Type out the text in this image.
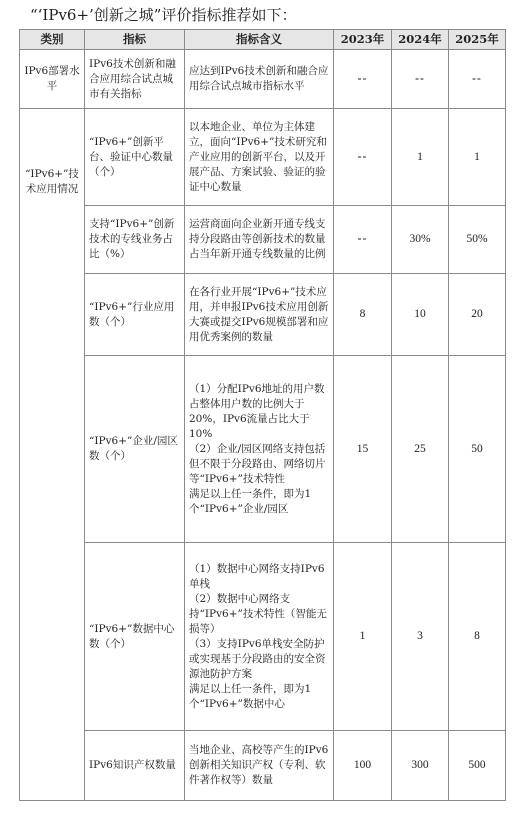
“‘IPv6+’创新之城”评价指标推荐如下：
类别	指标	指标含义	2023年	2024年	2025年
IPv6部署水平	IPv6技术创新和融合应用综合试点城市有关指标	应达到IPv6技术创新和融合应用综合试点城市指标水平	--	--	--
“IPv6+”技术应用情况	“IPv6+”创新平台、验证中心数量（个）	以本地企业、单位为主体建立，面向“IPv6+”技术研究和产业应用的创新平台，以及开展产品、方案试验、验证的验证中心数量	--	1	1
	支持“IPv6+”创新技术的专线业务占比（%）	运营商面向企业新开通专线支持分段路由等创新技术的数量占当年新开通专线数量的比例	--	30%	50%
	“IPv6+”行业应用数（个）	在各行业开展“IPv6+”技术应用，并申报IPv6技术应用创新大赛或提交IPv6规模部署和应用优秀案例的数量	8	10	20
	“IPv6+”企业/园区数（个）	（1）分配IPv6地址的用户数占整体用户数的比例大于20%，IPv6流量占比大于10%
（2）企业/园区网络支持包括但不限于分段路由、网络切片等“IPv6+”技术特性
满足以上任一条件，即为1个“IPv6+”企业/园区	15	25	50
	“IPv6+”数据中心数（个）	（1）数据中心网络支持IPv6单栈
（2）数据中心网络支持“IPv6+”技术特性（智能无损等）
（3）支持IPv6单栈安全防护或实现基于分段路由的安全资源池防护方案
满足以上任一条件，即为1个“IPv6+”数据中心	1	3	8
	IPv6知识产权数量	当地企业、高校等产生的IPv6创新相关知识产权（专利、软件著作权等）数量	100	300	500
